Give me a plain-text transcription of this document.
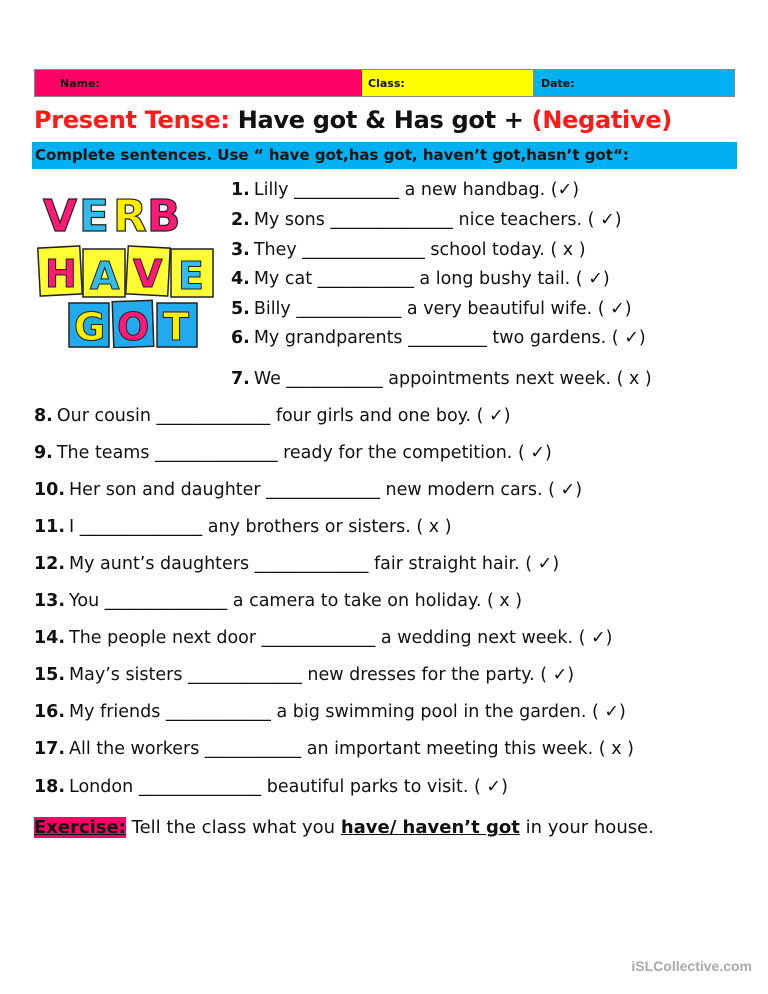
Name:	Class:	Date:
Present Tense: Have got & Has got + (Negative)
Complete sentences. Use “ have got,has got, haven’t got,hasn’t got“:
V E R B
H A V E
G O T
1. Lilly ____________ a new handbag. (✓)
2. My sons ______________ nice teachers. ( ✓)
3. They ______________ school today. ( x )
4. My cat ___________ a long bushy tail. ( ✓)
5. Billy ____________ a very beautiful wife. ( ✓)
6. My grandparents _________ two gardens. ( ✓)
7. We ___________ appointments next week. ( x )
8. Our cousin _____________ four girls and one boy. ( ✓)
9. The teams ______________ ready for the competition. ( ✓)
10. Her son and daughter _____________ new modern cars. ( ✓)
11. I ______________ any brothers or sisters. ( x )
12. My aunt’s daughters _____________ fair straight hair. ( ✓)
13. You ______________ a camera to take on holiday. ( x )
14. The people next door _____________ a wedding next week. ( ✓)
15. May’s sisters _____________ new dresses for the party. ( ✓)
16. My friends ____________ a big swimming pool in the garden. ( ✓)
17. All the workers ___________ an important meeting this week. ( x )
18. London ______________ beautiful parks to visit. ( ✓)
Exercise: Tell the class what you have/ haven’t got in your house.
iSLCollective.com
